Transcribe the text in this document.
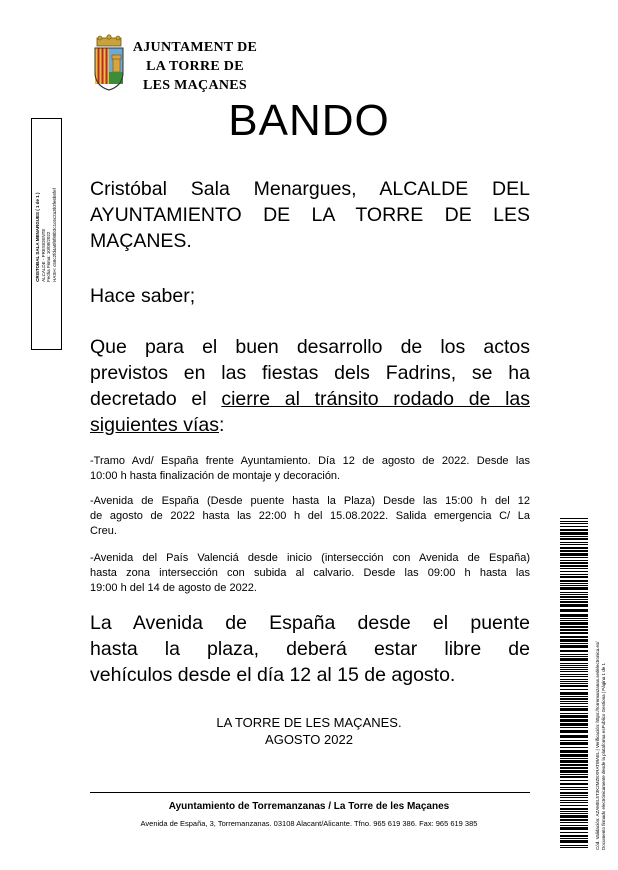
AJUNTAMENT DE
LA TORRE DE
LES MAÇANES
BANDO
CRISTOBAL SALA MENARGUES ( 1 de 1 ) ALCALDE - PRESIDENTE Fecha Firma: 10/08/2022 HASH: c56c2fd4a0f6f88b3c1c6c2a3b3fe6b6fef Cristóbal Sala Menargues, ALCALDE DEL
AYUNTAMIENTO DE LA TORRE DE LES
MAÇANES.
Hace saber;
Que para el buen desarrollo de los actos
previstos en las fiestas dels Fadrins, se ha
decretado el cierre al tránsito rodado de las
siguientes vías:
-Tramo Avd/ España frente Ayuntamiento. Día 12 de agosto de 2022. Desde las
10:00 h hasta finalización de montaje y decoración.
-Avenida de España (Desde puente hasta la Plaza) Desde las 15:00 h del 12
de agosto de 2022 hasta las 22:00 h del 15.08.2022. Salida emergencia C/ La
Creu.
-Avenida del País Valenciá desde inicio (intersección con Avenida de España)
hasta zona intersección con subida al calvario. Desde las 09:00 h hasta las
19:00 h del 14 de agosto de 2022.
La Avenida de España desde el puente
hasta la plaza, deberá estar libre de
vehículos desde el día 12 al 15 de agosto.
LA TORRE DE LES MAÇANES.
AGOSTO 2022
Ayuntamiento de Torremanzanas / La Torre de les Maçanes
Avenida de España, 3, Torremanzanas. 03108 Alacant/Alicante. Tfno. 965 619 386. Fax: 965 619 385	Cód. Validación: AZAMEL5T3K2MZEXRATWAEL | Verificación: https://torremanzanas.sedelectronica.es/ Documento firmado electrónicamente desde la plataforma esPublico Gestiona | Página 1 de 1
